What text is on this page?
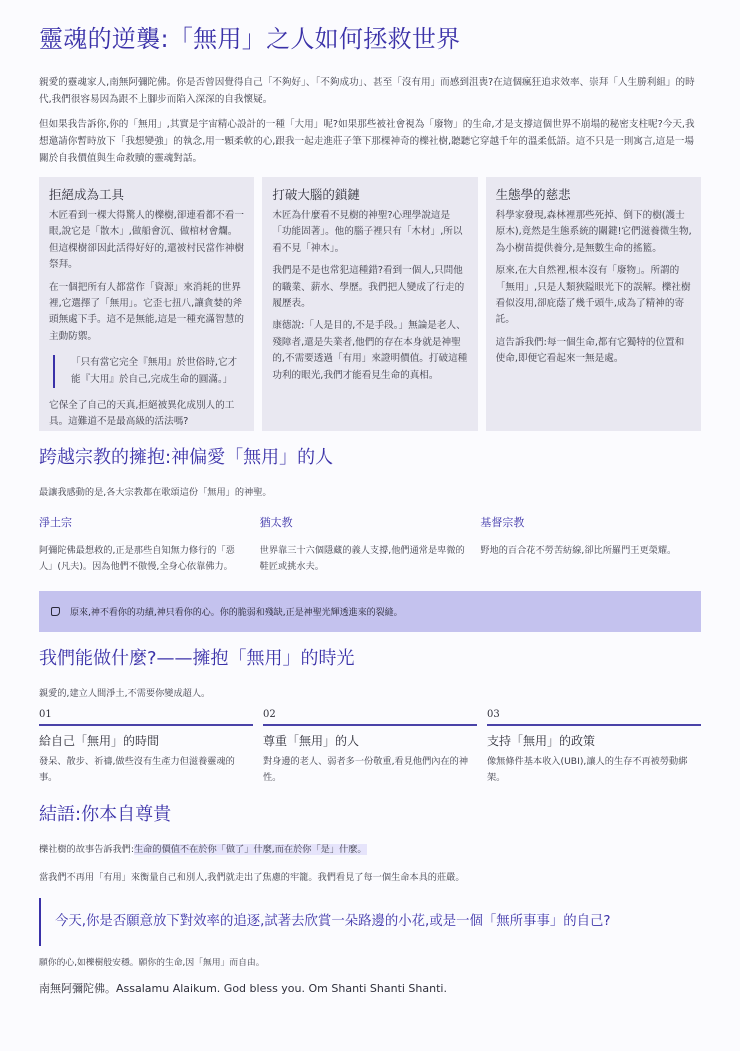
靈魂的逆襲:「無用」之人如何拯救世界

親愛的靈魂家人,南無阿彌陀佛。你是否曾因覺得自己「不夠好」、「不夠成功」、甚至「沒有用」而感到沮喪?在這個瘋狂追求效率、崇拜「人生勝利組」的時代,我們很容易因為跟不上腳步而陷入深深的自我懷疑。

但如果我告訴你,你的「無用」,其實是宇宙精心設計的一種「大用」呢?如果那些被社會視為「廢物」的生命,才是支撐這個世界不崩塌的秘密支柱呢?今天,我想邀請你暫時放下「我想變強」的執念,用一顆柔軟的心,跟我一起走進莊子筆下那棵神奇的櫟社樹,聽聽它穿越千年的溫柔低語。這不只是一則寓言,這是一場關於自我價值與生命救贖的靈魂對話。

拒絕成為工具

木匠看到一棵大得驚人的櫟樹,卻連看都不看一眼,說它是「散木」,做船會沉、做棺材會爛。但這棵樹卻因此活得好好的,還被村民當作神樹祭拜。

在一個把所有人都當作「資源」來消耗的世界裡,它選擇了「無用」。它歪七扭八,讓貪婪的斧頭無處下手。這不是無能,這是一種充滿智慧的主動防禦。

「只有當它完全『無用』於世俗時,它才能『大用』於自己,完成生命的圓滿。」

它保全了自己的天真,拒絕被異化成別人的工具。這難道不是最高級的活法嗎?

打破大腦的鎖鏈

木匠為什麼看不見樹的神聖?心理學說這是「功能固著」。他的腦子裡只有「木材」,所以看不見「神木」。

我們是不是也常犯這種錯?看到一個人,只問他的職業、薪水、學歷。我們把人變成了行走的履歷表。

康德說:「人是目的,不是手段。」無論是老人、殘障者,還是失業者,他們的存在本身就是神聖的,不需要透過「有用」來證明價值。打破這種功利的眼光,我們才能看見生命的真相。

生態學的慈悲

科學家發現,森林裡那些死掉、倒下的樹(護士原木),竟然是生態系統的關鍵!它們滋養微生物,為小樹苗提供養分,是無數生命的搖籃。

原來,在大自然裡,根本沒有「廢物」。所謂的「無用」,只是人類狹隘眼光下的誤解。櫟社樹看似沒用,卻庇蔭了幾千頭牛,成為了精神的寄託。

這告訴我們:每一個生命,都有它獨特的位置和使命,即便它看起來一無是處。

跨越宗教的擁抱:神偏愛「無用」的人

最讓我感動的是,各大宗教都在歌頌這份「無用」的神聖。

淨土宗

阿彌陀佛最想救的,正是那些自知無力修行的「惡人」(凡夫)。因為他們不傲慢,全身心依靠佛力。

猶太教

世界靠三十六個隱藏的義人支撐,他們通常是卑微的鞋匠或挑水夫。

基督宗教

野地的百合花不勞苦紡線,卻比所羅門王更榮耀。

原來,神不看你的功績,神只看你的心。你的脆弱和殘缺,正是神聖光輝透進來的裂縫。
我們能做什麼?——擁抱「無用」的時光

親愛的,建立人間淨土,不需要你變成超人。

01
給自己「無用」的時間

發呆、散步、祈禱,做些沒有生產力但滋養靈魂的事。

02
尊重「無用」的人

對身邊的老人、弱者多一份敬重,看見他們內在的神性。

03
支持「無用」的政策

像無條件基本收入(UBI),讓人的生存不再被勞動綁架。

結語:你本自尊貴

櫟社樹的故事告訴我們:生命的價值不在於你「做了」什麼,而在於你「是」什麼。

當我們不再用「有用」來衡量自己和別人,我們就走出了焦慮的牢籠。我們看見了每一個生命本具的莊嚴。

今天,你是否願意放下對效率的追逐,試著去欣賞一朵路邊的小花,或是一個「無所事事」的自己?

願你的心,如櫟樹般安穩。願你的生命,因「無用」而自由。

南無阿彌陀佛。Assalamu Alaikum. God bless you. Om Shanti Shanti Shanti.
